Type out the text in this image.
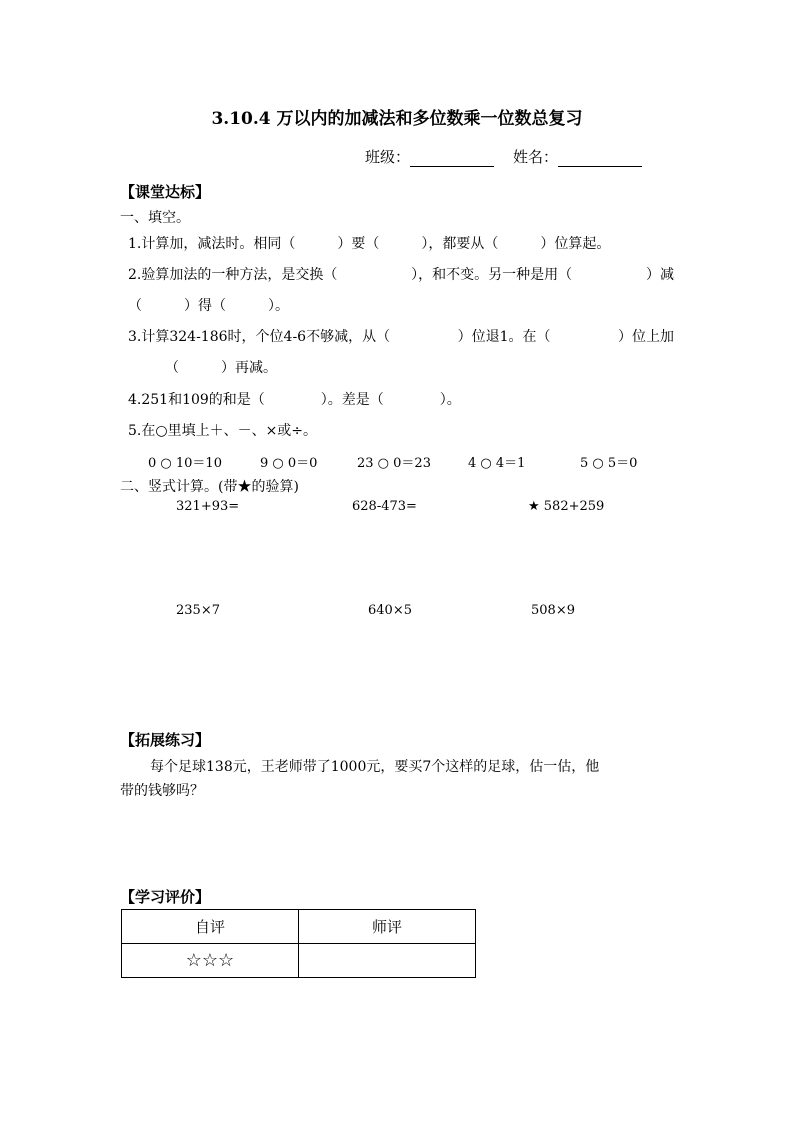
3.10.4 万以内的加减法和多位数乘一位数总复习
班级：	姓名：
【课堂达标】
一、填空。
1.计算加，减法时。相同（　　　）要（　　　），都要从（　　　）位算起。
2.验算加法的一种方法，是交换（	），和不变。另一种是用（	）减
（　　　）得（　　　）。
3.计算324-186时，个位4-6不够减，从（	）位退1。在（	）位上加
（　　　）再减。
4.251和109的和是（　　　　）。差是（　　　　）。
5.在○里填上＋、－、×或÷。
0 ○ 10＝10	9 ○ 0＝0	23 ○ 0＝23	4 ○ 4＝1	5 ○ 5＝0
二、竖式计算。(带★的验算)
321+93=	628-473=	★ 582+259
235×7	640×5	508×9
【拓展练习】
每个足球138元，王老师带了1000元，要买7个这样的足球，估一估，他
带的钱够吗？
【学习评价】
自评	师评
☆☆☆	
